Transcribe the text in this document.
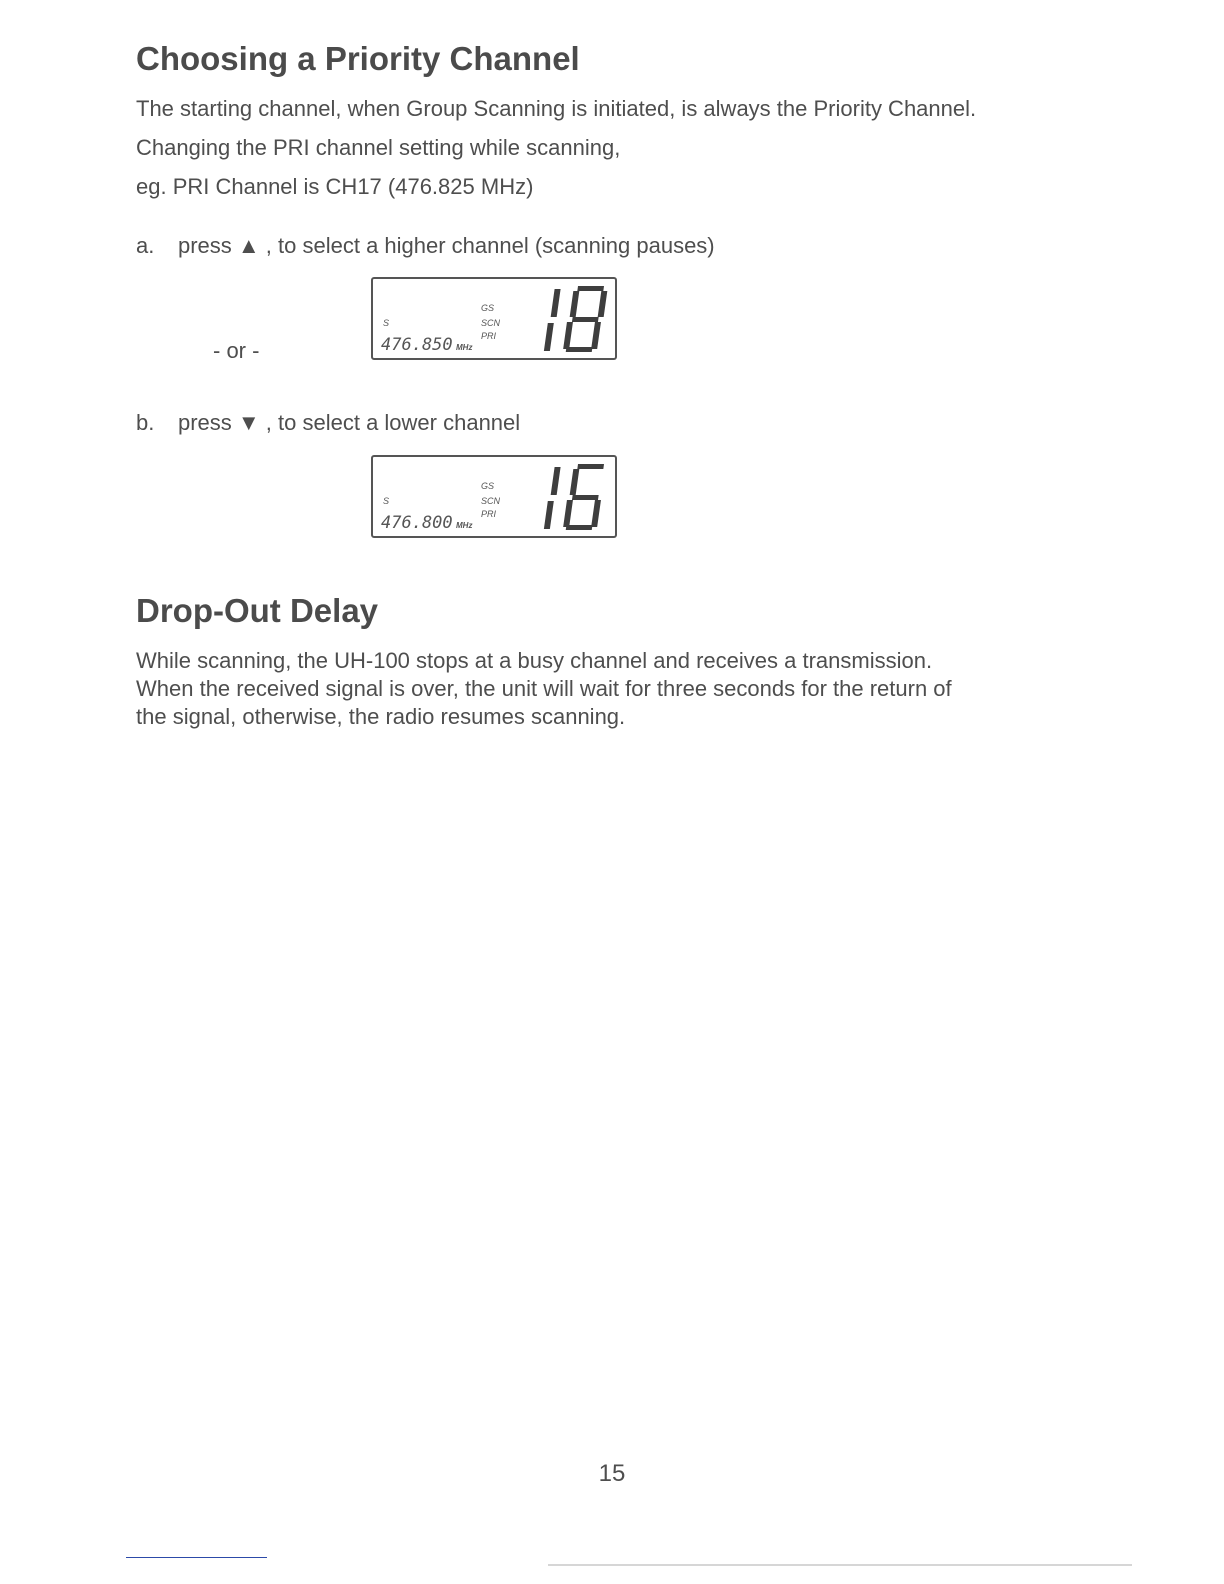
Choosing a Priority Channel

The starting channel, when Group Scanning is initiated, is always the Priority Channel.

Changing the PRI channel setting while scanning,

eg. PRI Channel is CH17 (476.825 MHz)

a. press ▲ , to select a higher channel (scanning pauses)

- or -
S
GS
SCN
PRI
476.850 MHz

b. press ▼ , to select a lower channel

S
GS
SCN
PRI
476.800 MHz
Drop-Out Delay

While scanning, the UH-100 stops at a busy channel and receives a transmission.

When the received signal is over, the unit will wait for three seconds for the return of

the signal, otherwise, the radio resumes scanning.

15
